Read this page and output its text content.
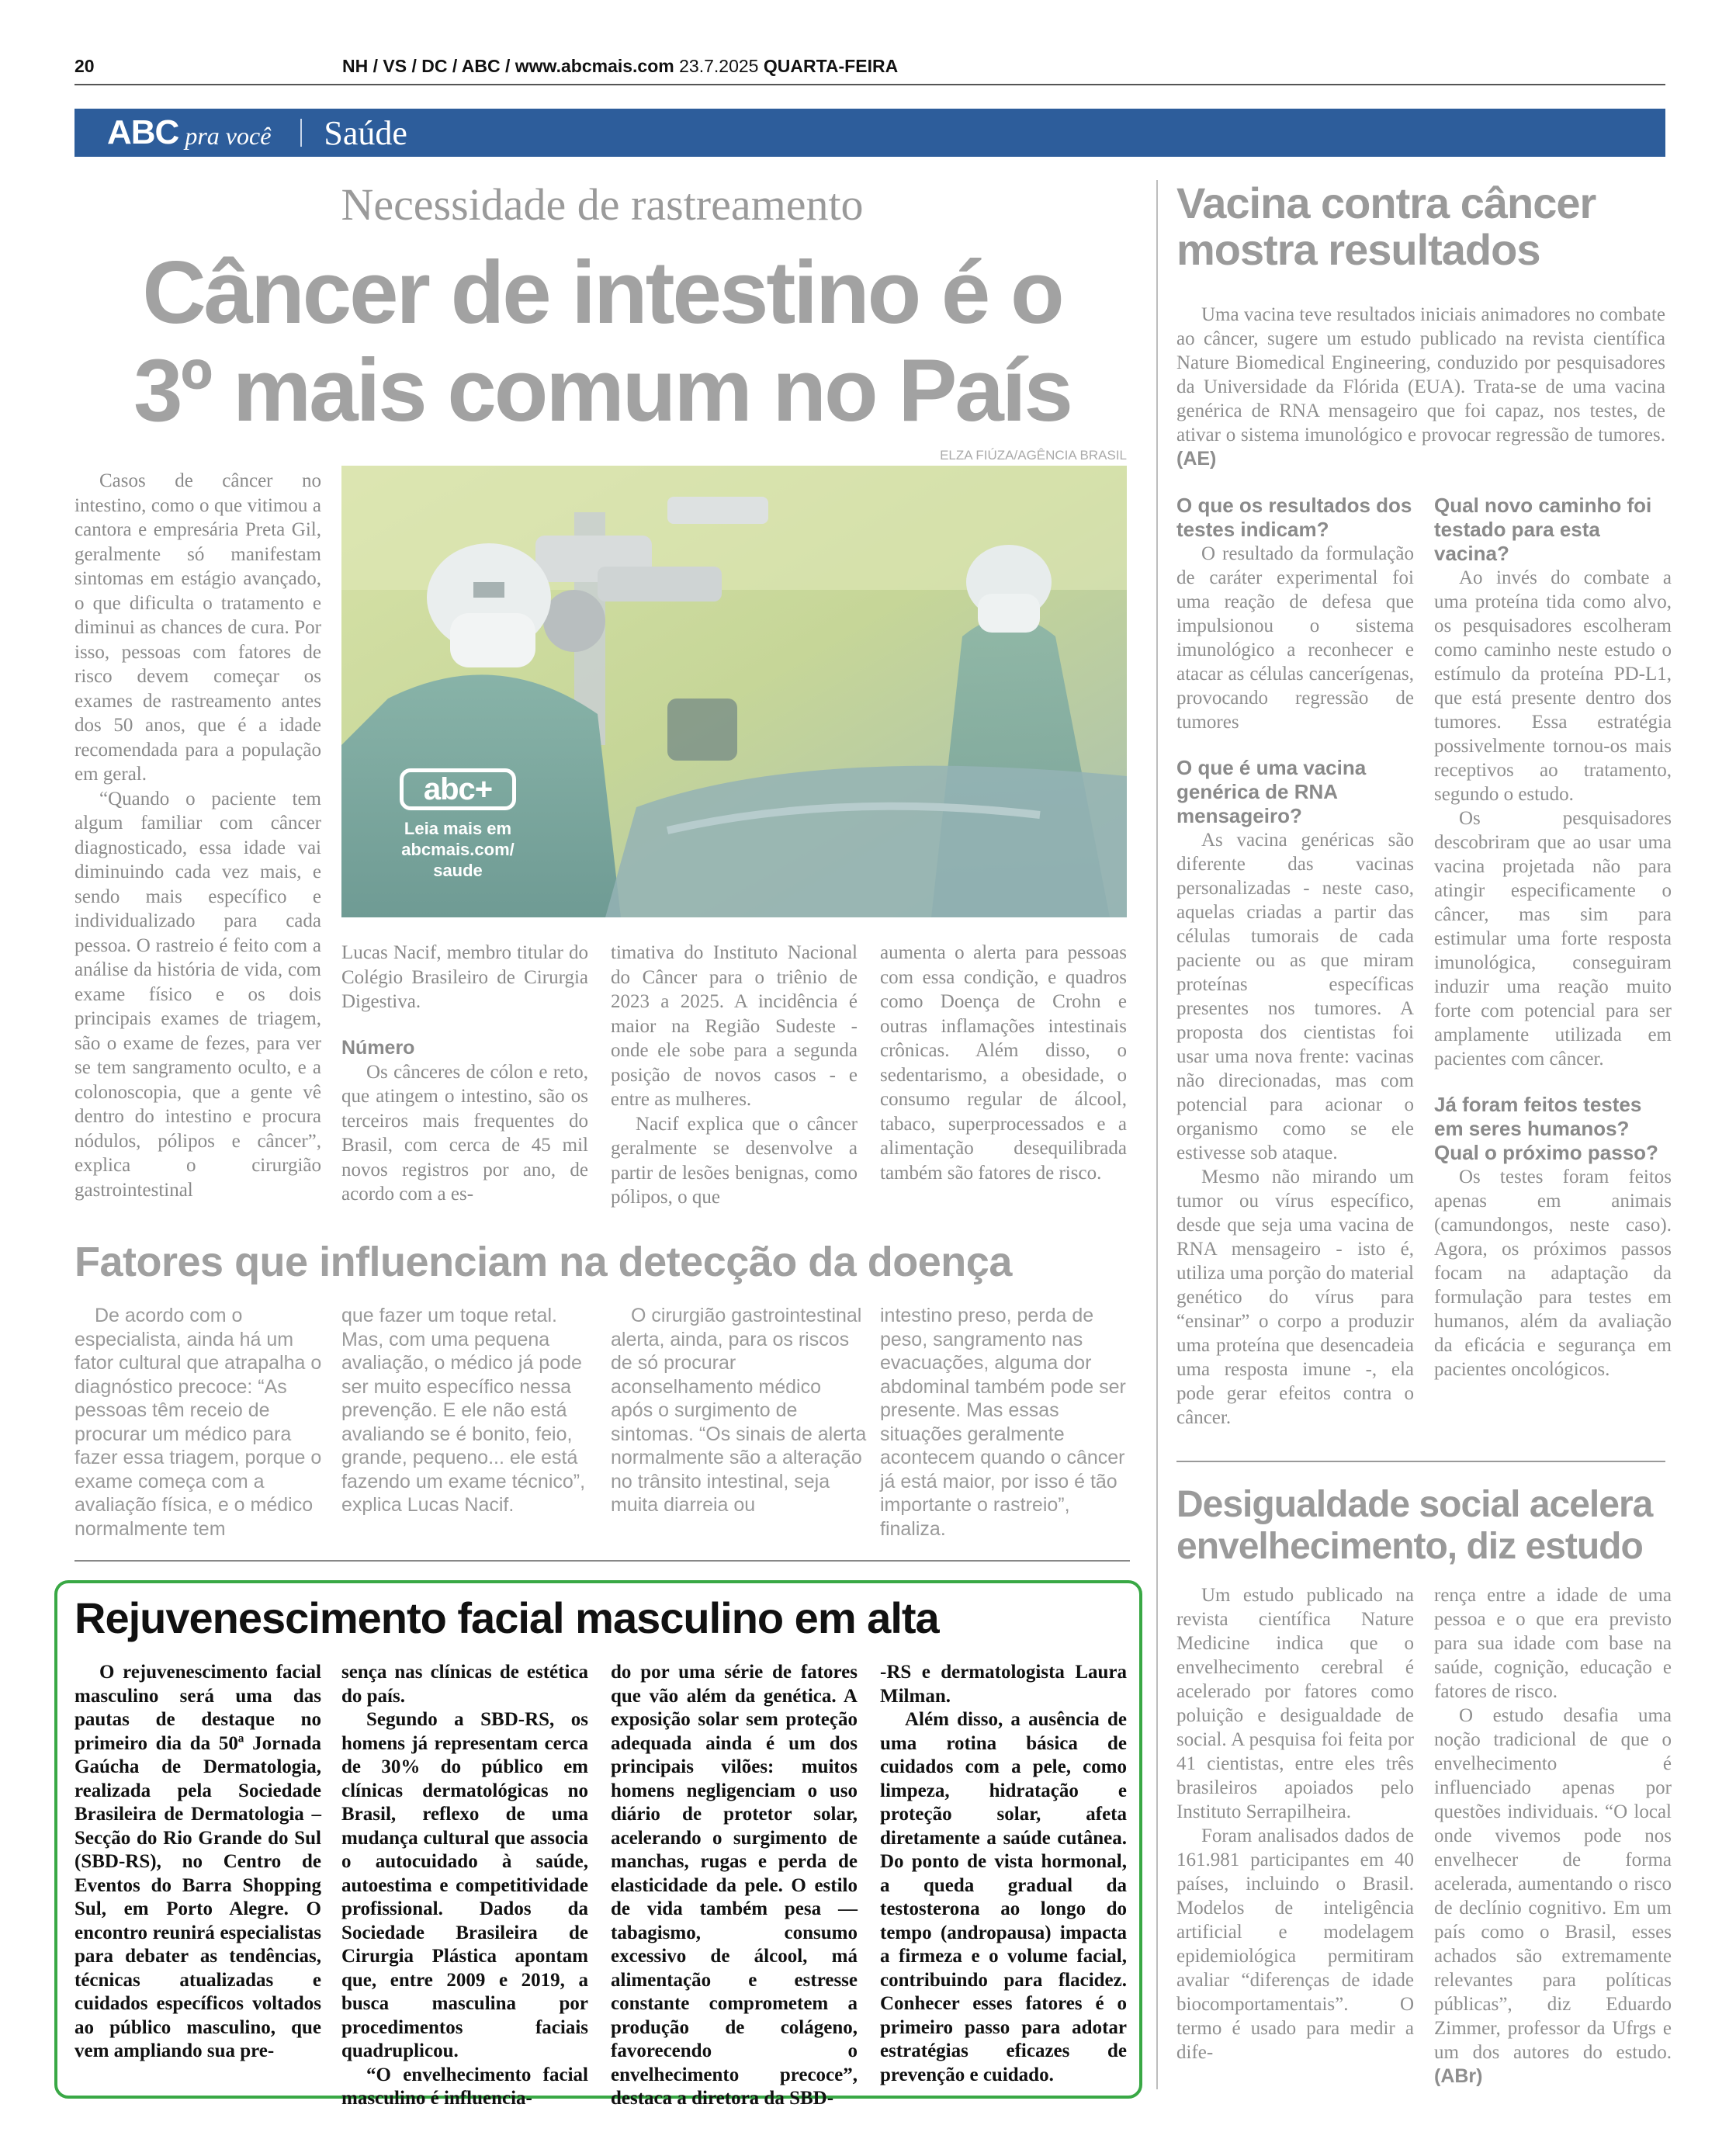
20	NH / VS / DC / ABC / www.abcmais.com 23.7.2025 QUARTA-FEIRA
ABC pra você Saúde
Necessidade de rastreamento
Câncer de intestino é o
3º mais comum no País
ELZA FIÚZA/AGÊNCIA BRASIL
abc+
Leia mais em
abcmais.com/
saude

Casos de câncer no intestino, como o que vitimou a cantora e empresária Preta Gil, geralmente só manifestam sintomas em estágio avançado, o que dificulta o tratamento e diminui as chances de cura. Por isso, pessoas com fatores de risco devem começar os exames de rastreamento antes dos 50 anos, que é a idade recomendada para a população em geral.

“Quando o paciente tem algum familiar com câncer diagnosticado, essa idade vai diminuindo cada vez mais, e sendo mais específico e individualizado para cada pessoa. O rastreio é feito com a análise da história de vida, com exame físico e os dois principais exames de triagem, são o exame de fezes, para ver se tem sangramento oculto, e a colonoscopia, que a gente vê dentro do intestino e procura nódulos, pólipos e câncer”, explica o cirurgião gastrointestinal

Lucas Nacif, membro titular do Colégio Brasileiro de Cirurgia Digestiva.

Número

Os cânceres de cólon e reto, que atingem o intestino, são os terceiros mais frequentes do Brasil, com cerca de 45 mil novos registros por ano, de acordo com a es-

timativa do Instituto Nacional do Câncer para o triênio de 2023 a 2025. A incidência é maior na Região Sudeste - onde ele sobe para a segunda posição de novos casos - e entre as mulheres.

Nacif explica que o câncer geralmente se desenvolve a partir de lesões benignas, como pólipos, o que

aumenta o alerta para pessoas com essa condição, e quadros como Doença de Crohn e outras inflamações intestinais crônicas. Além disso, o sedentarismo, a obesidade, o consumo regular de álcool, tabaco, superprocessados e a alimentação desequilibrada também são fatores de risco.

Fatores que influenciam na detecção da doença

De acordo com o especialista, ainda há um fator cultural que atrapalha o diagnóstico precoce: “As pessoas têm receio de procurar um médico para fazer essa triagem, porque o exame começa com a avaliação física, e o médico normalmente tem

que fazer um toque retal. Mas, com uma pequena avaliação, o médico já pode ser muito específico nessa prevenção. E ele não está avaliando se é bonito, feio, grande, pequeno... ele está fazendo um exame técnico”, explica Lucas Nacif.

O cirurgião gastrointestinal alerta, ainda, para os riscos de só procurar aconselhamento médico após o surgimento de sintomas. “Os sinais de alerta normalmente são a alteração no trânsito intestinal, seja muita diarreia ou

intestino preso, perda de peso, sangramento nas evacuações, alguma dor abdominal também pode ser presente. Mas essas situações geralmente acontecem quando o câncer já está maior, por isso é tão importante o rastreio”, finaliza.

Rejuvenescimento facial masculino em alta

O rejuvenescimento facial masculino será uma das pautas de destaque no primeiro dia da 50ª Jornada Gaúcha de Dermatologia, realizada pela Sociedade Brasileira de Dermatologia – Secção do Rio Grande do Sul (SBD-RS), no Centro de Eventos do Barra Shopping Sul, em Porto Alegre. O encontro reunirá especialistas para debater as tendências, técnicas atualizadas e cuidados específicos voltados ao público masculino, que vem ampliando sua pre-

sença nas clínicas de estética do país.

Segundo a SBD-RS, os homens já representam cerca de 30% do público em clínicas dermatológicas no Brasil, reflexo de uma mudança cultural que associa o autocuidado à saúde, autoestima e competitividade profissional. Dados da Sociedade Brasileira de Cirurgia Plástica apontam que, entre 2009 e 2019, a busca masculina por procedimentos faciais quadruplicou.

“O envelhecimento facial masculino é influencia-

do por uma série de fatores que vão além da genética. A exposição solar sem proteção adequada ainda é um dos principais vilões: muitos homens negligenciam o uso diário de protetor solar, acelerando o surgimento de manchas, rugas e perda de elasticidade da pele. O estilo de vida também pesa — tabagismo, consumo excessivo de álcool, má alimentação e estresse constante comprometem a produção de colágeno, favorecendo o envelhecimento precoce”, destaca a diretora da SBD-

-RS e dermatologista Laura Milman.

Além disso, a ausência de uma rotina básica de cuidados com a pele, como limpeza, hidratação e proteção solar, afeta diretamente a saúde cutânea. Do ponto de vista hormonal, a queda gradual da testosterona ao longo do tempo (andropausa) impacta a firmeza e o volume facial, contribuindo para flacidez. Conhecer esses fatores é o primeiro passo para adotar estratégias eficazes de prevenção e cuidado.

Vacina contra câncer
mostra resultados

Uma vacina teve resultados iniciais animadores no combate ao câncer, sugere um estudo publicado na revista científica Nature Biomedical Engineering, conduzido por pesquisadores da Universidade da Flórida (EUA). Trata-se de uma vacina genérica de RNA mensageiro que foi capaz, nos testes, de ativar o sistema imunológico e provocar regressão de tumores. (AE)

O que os resultados dos testes indicam?

O resultado da formulação de caráter experimental foi uma reação de defesa que impulsionou o sistema imunológico a reconhecer e atacar as células cancerígenas, provocando regressão de tumores

O que é uma vacina genérica de RNA mensageiro?

As vacina genéricas são diferente das vacinas personalizadas - neste caso, aquelas criadas a partir das células tumorais de cada paciente ou as que miram proteínas específicas presentes nos tumores. A proposta dos cientistas foi usar uma nova frente: vacinas não direcionadas, mas com potencial para acionar o organismo como se ele estivesse sob ataque.

Mesmo não mirando um tumor ou vírus específico, desde que seja uma vacina de RNA mensageiro - isto é, utiliza uma porção do material genético do vírus para “ensinar” o corpo a produzir uma proteína que desencadeia uma resposta imune -, ela pode gerar efeitos contra o câncer.

Qual novo caminho foi testado para esta vacina?

Ao invés do combate a uma proteína tida como alvo, os pesquisadores escolheram como caminho neste estudo o estímulo da proteína PD-L1, que está presente dentro dos tumores. Essa estratégia possivelmente tornou-os mais receptivos ao tratamento, segundo o estudo.

Os pesquisadores descobriram que ao usar uma vacina projetada não para atingir especificamente o câncer, mas sim para estimular uma forte resposta imunológica, conseguiram induzir uma reação muito forte com potencial para ser amplamente utilizada em pacientes com câncer.

Já foram feitos testes em seres humanos? Qual o próximo passo?

Os testes foram feitos apenas em animais (camundongos, neste caso). Agora, os próximos passos focam na adaptação da formulação para testes em humanos, além da avaliação da eficácia e segurança em pacientes oncológicos.

Desigualdade social acelera
envelhecimento, diz estudo

Um estudo publicado na revista científica Nature Medicine indica que o envelhecimento cerebral é acelerado por fatores como poluição e desigualdade de social. A pesquisa foi feita por 41 cientistas, entre eles três brasileiros apoiados pelo Instituto Serrapilheira.

Foram analisados dados de 161.981 participantes em 40 países, incluindo o Brasil. Modelos de inteligência artificial e modelagem epidemiológica permitiram avaliar “diferenças de idade biocomportamentais”. O termo é usado para medir a dife-

rença entre a idade de uma pessoa e o que era previsto para sua idade com base na saúde, cognição, educação e fatores de risco.

O estudo desafia uma noção tradicional de que o envelhecimento é influenciado apenas por questões individuais. “O local onde vivemos pode nos envelhecer de forma acelerada, aumentando o risco de declínio cognitivo. Em um país como o Brasil, esses achados são extremamente relevantes para políticas públicas”, diz Eduardo Zimmer, professor da Ufrgs e um dos autores do estudo. (ABr)
